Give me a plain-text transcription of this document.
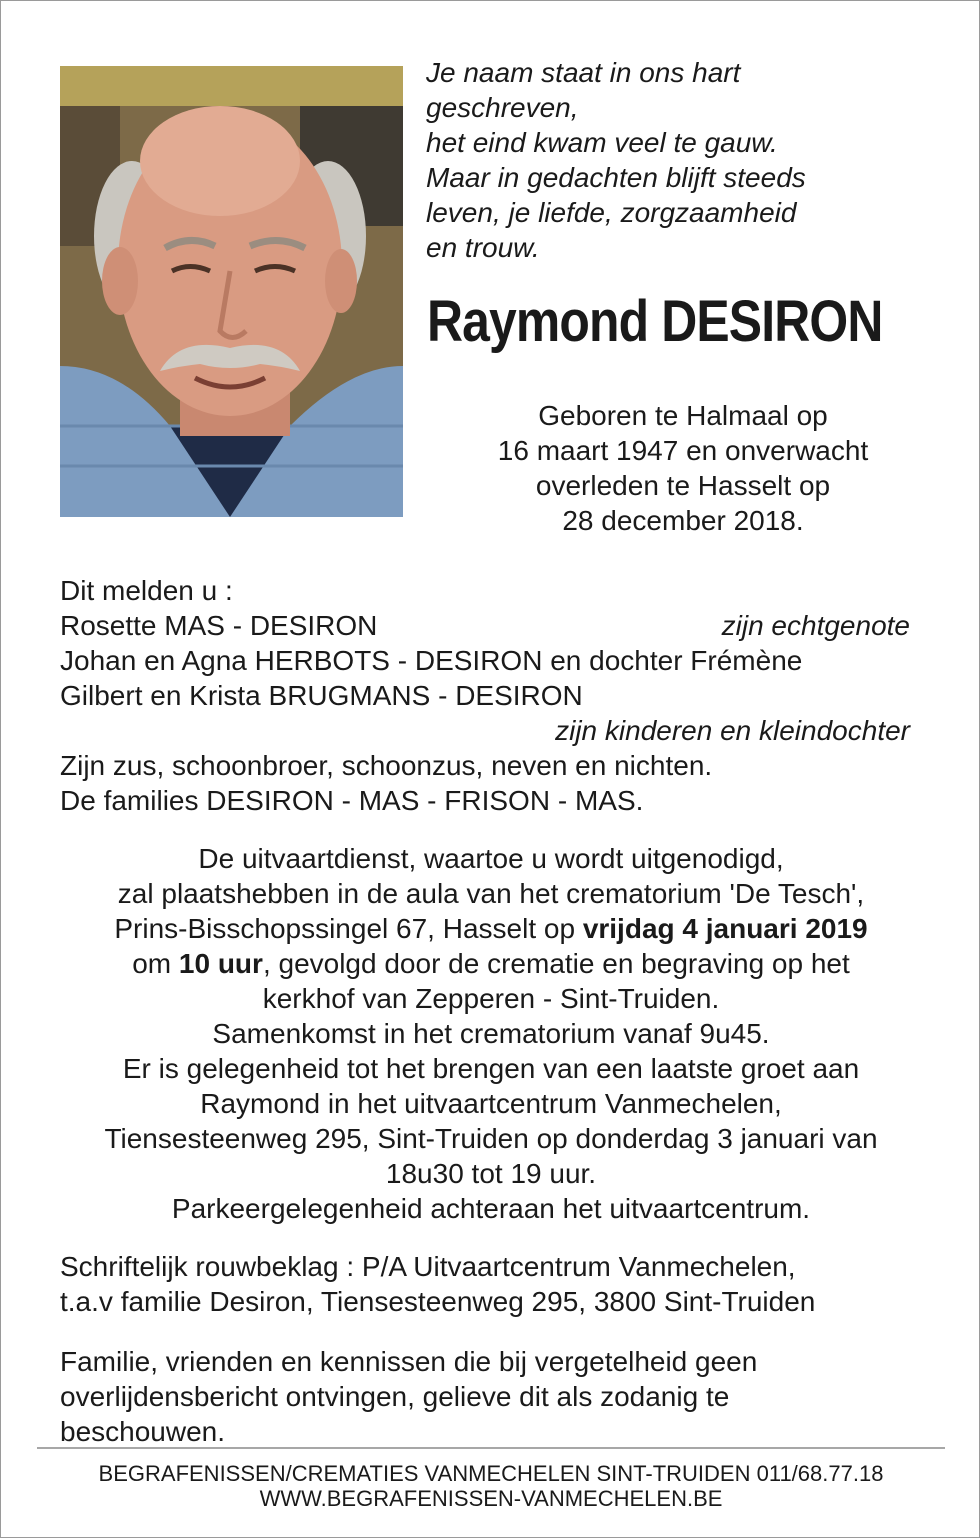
Je naam staat in ons hart
geschreven,
het eind kwam veel te gauw.
Maar in gedachten blijft steeds
leven, je liefde, zorgzaamheid
en trouw.
Raymond DESIRON
Geboren te Halmaal op
16 maart 1947 en onverwacht
overleden te Hasselt op
28 december 2018.
Dit melden u :
Rosette MAS - DESIRON	zijn echtgenote
Johan en Agna HERBOTS - DESIRON en dochter Frémène
Gilbert en Krista BRUGMANS - DESIRON
zijn kinderen en kleindochter
Zijn zus, schoonbroer, schoonzus, neven en nichten.
De families DESIRON - MAS - FRISON - MAS.
De uitvaartdienst, waartoe u wordt uitgenodigd,
zal plaatshebben in de aula van het crematorium 'De Tesch',
Prins-Bisschopssingel 67, Hasselt op vrijdag 4 januari 2019
om 10 uur, gevolgd door de crematie en begraving op het
kerkhof van Zepperen - Sint-Truiden.
Samenkomst in het crematorium vanaf 9u45.
Er is gelegenheid tot het brengen van een laatste groet aan
Raymond in het uitvaartcentrum Vanmechelen,
Tiensesteenweg 295, Sint-Truiden op donderdag 3 januari van
18u30 tot 19 uur.
Parkeergelegenheid achteraan het uitvaartcentrum.
Schriftelijk rouwbeklag : P/A Uitvaartcentrum Vanmechelen,
t.a.v familie Desiron, Tiensesteenweg 295, 3800 Sint-Truiden
Familie, vrienden en kennissen die bij vergetelheid geen
overlijdensbericht ontvingen, gelieve dit als zodanig te
beschouwen.
BEGRAFENISSEN/CREMATIES VANMECHELEN SINT-TRUIDEN 011/68.77.18
WWW.BEGRAFENISSEN-VANMECHELEN.BE
